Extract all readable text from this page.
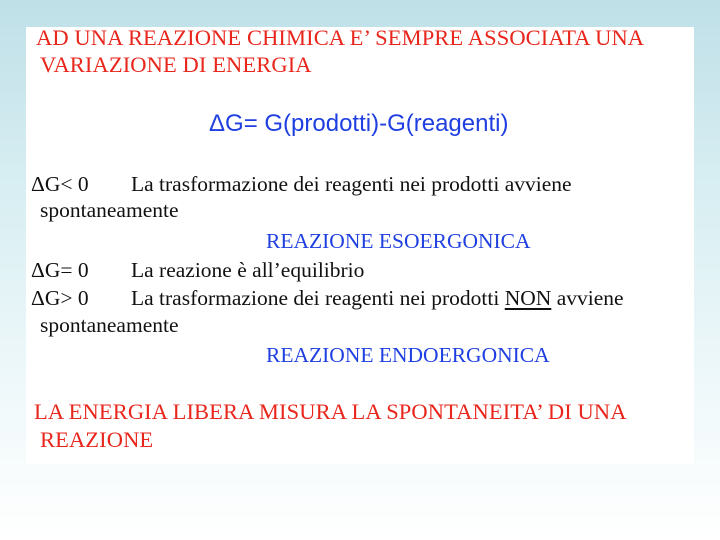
AD UNA REAZIONE CHIMICA E’ SEMPRE ASSOCIATA UNA
VARIAZIONE DI ENERGIA
ΔG= G(prodotti)-G(reagenti)
ΔG< 0 La trasformazione dei reagenti nei prodotti avviene
spontaneamente
REAZIONE ESOERGONICA
ΔG= 0 La reazione è all’equilibrio
ΔG> 0 La trasformazione dei reagenti nei prodotti NON avviene
spontaneamente
REAZIONE ENDOERGONICA
LA ENERGIA LIBERA MISURA LA SPONTANEITA’ DI UNA
REAZIONE
